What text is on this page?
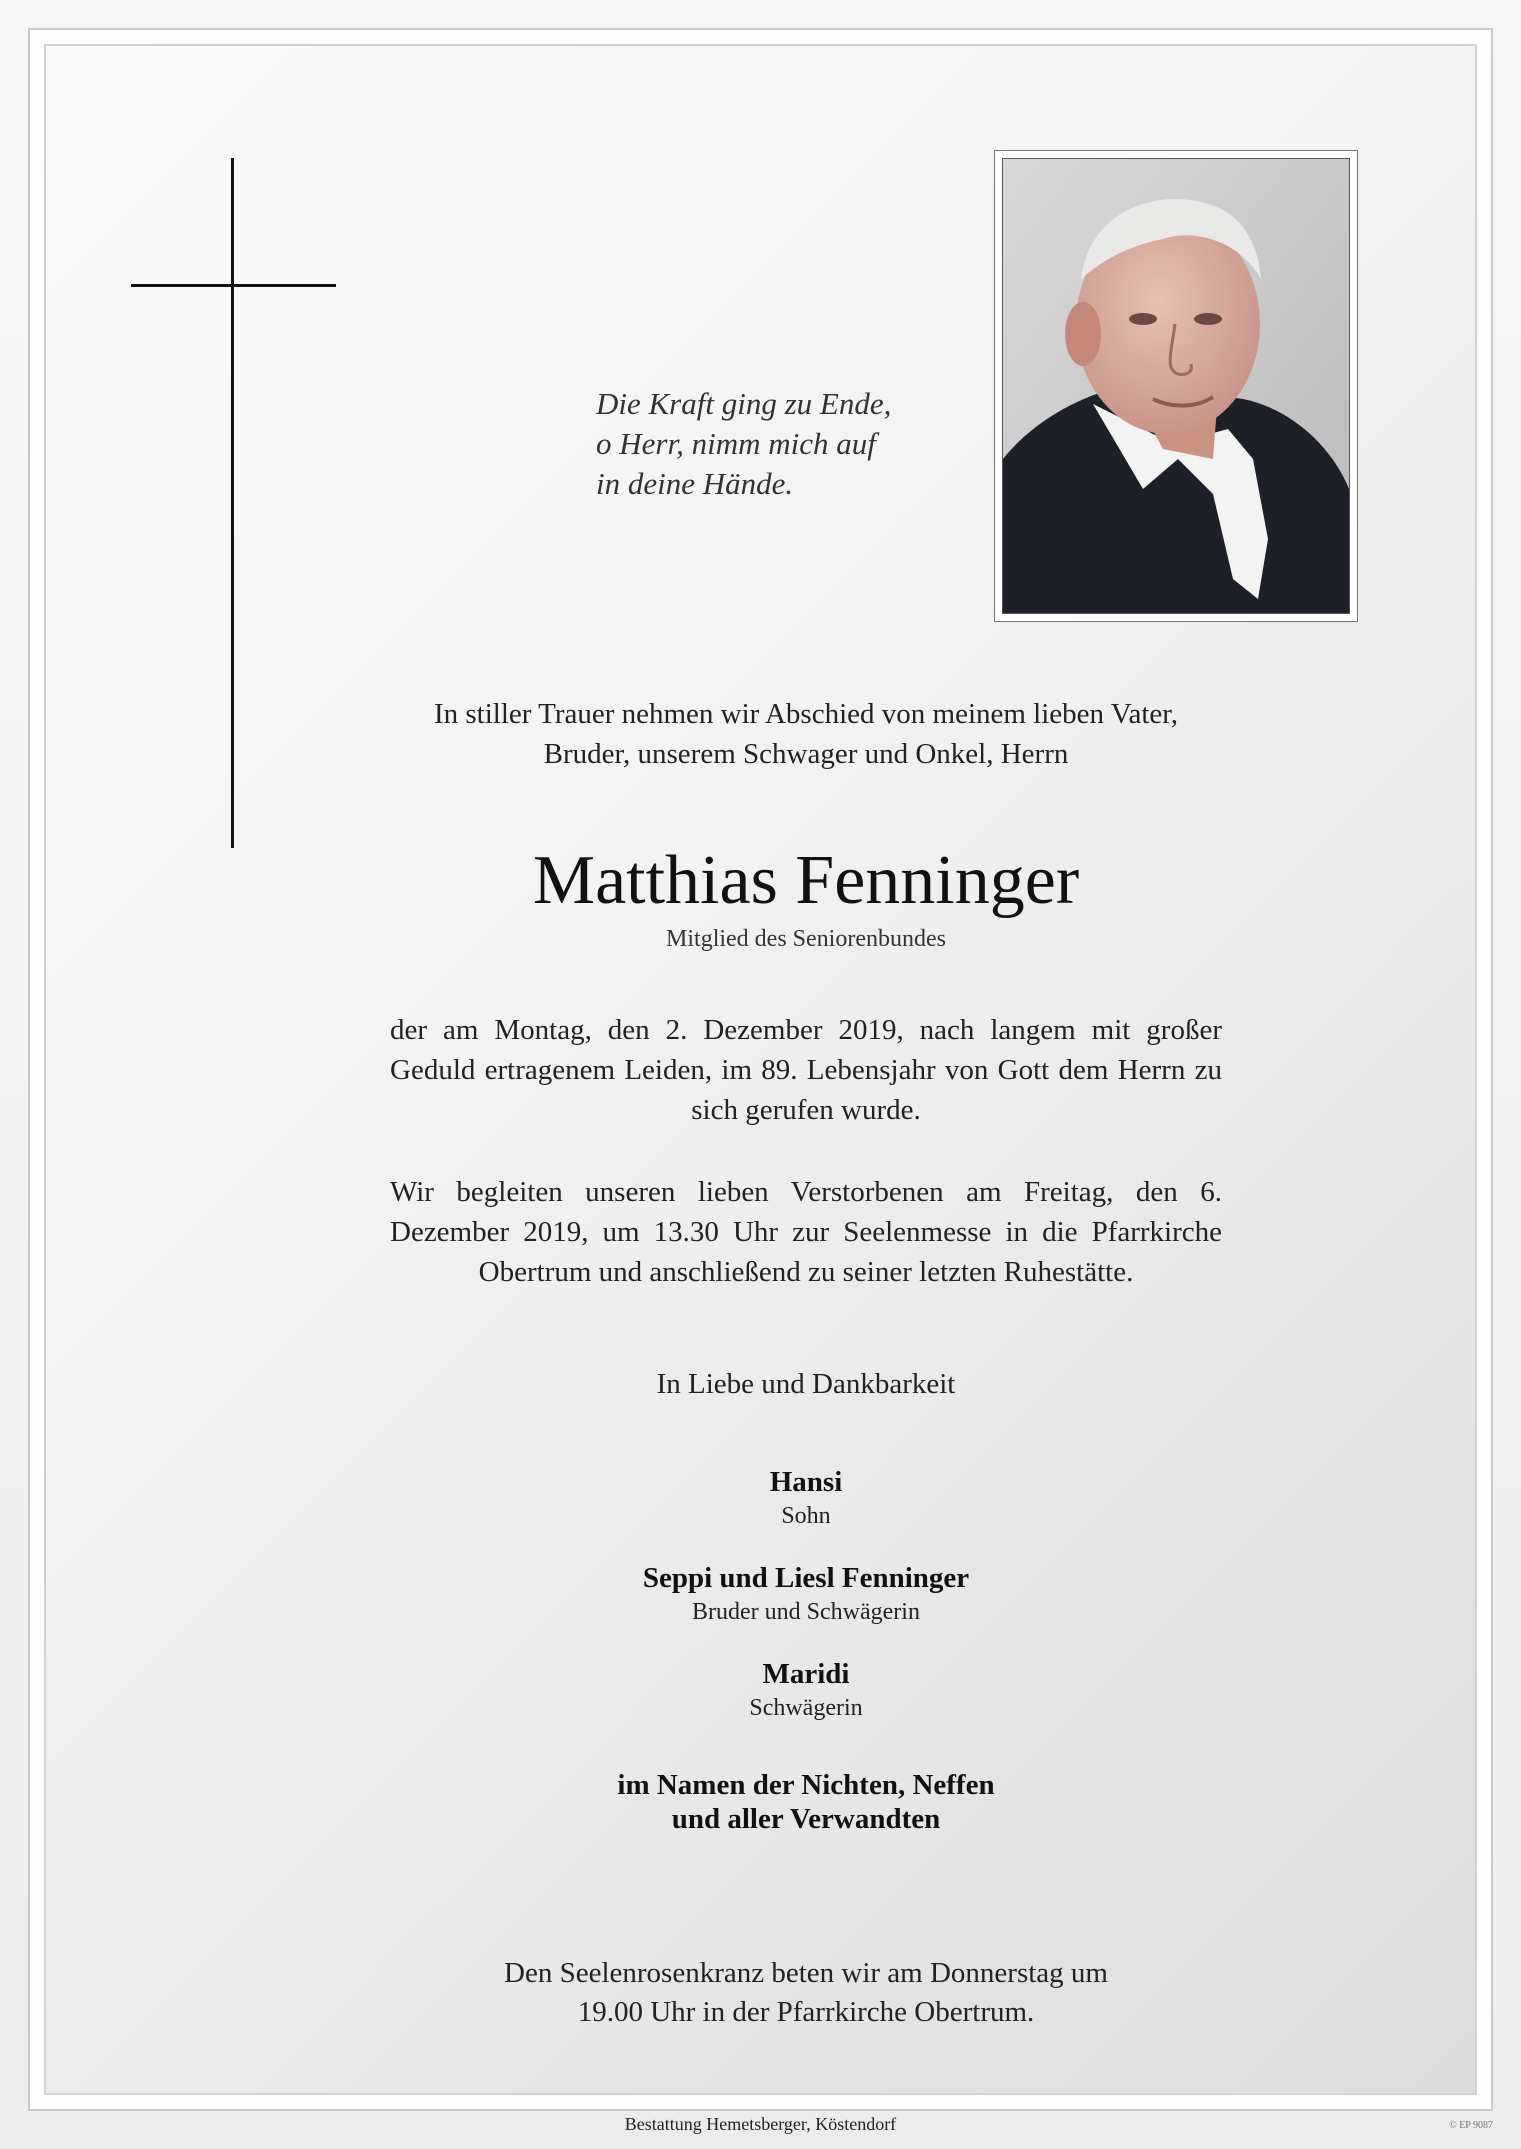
Die Kraft ging zu Ende,
o Herr, nimm mich auf
in deine Hände.
In stiller Trauer nehmen wir Abschied von meinem lieben Vater,
Bruder, unserem Schwager und Onkel, Herrn
Matthias Fenninger
Mitglied des Seniorenbundes
der am Montag, den 2. Dezember 2019, nach langem mit großer Geduld ertragenem Leiden, im 89. Lebensjahr von Gott dem Herrn zu sich gerufen wurde.
Wir begleiten unseren lieben Verstorbenen am Freitag, den 6. Dezember 2019, um 13.30 Uhr zur Seelenmesse in die Pfarrkirche Obertrum und anschließend zu seiner letzten Ruhestätte.
In Liebe und Dankbarkeit
Hansi
Sohn
Seppi und Liesl Fenninger
Bruder und Schwägerin
Maridi
Schwägerin
im Namen der Nichten, Neffen
und aller Verwandten
Den Seelenrosenkranz beten wir am Donnerstag um
19.00 Uhr in der Pfarrkirche Obertrum.
Bestattung Hemetsberger, Köstendorf	© EP 9087
